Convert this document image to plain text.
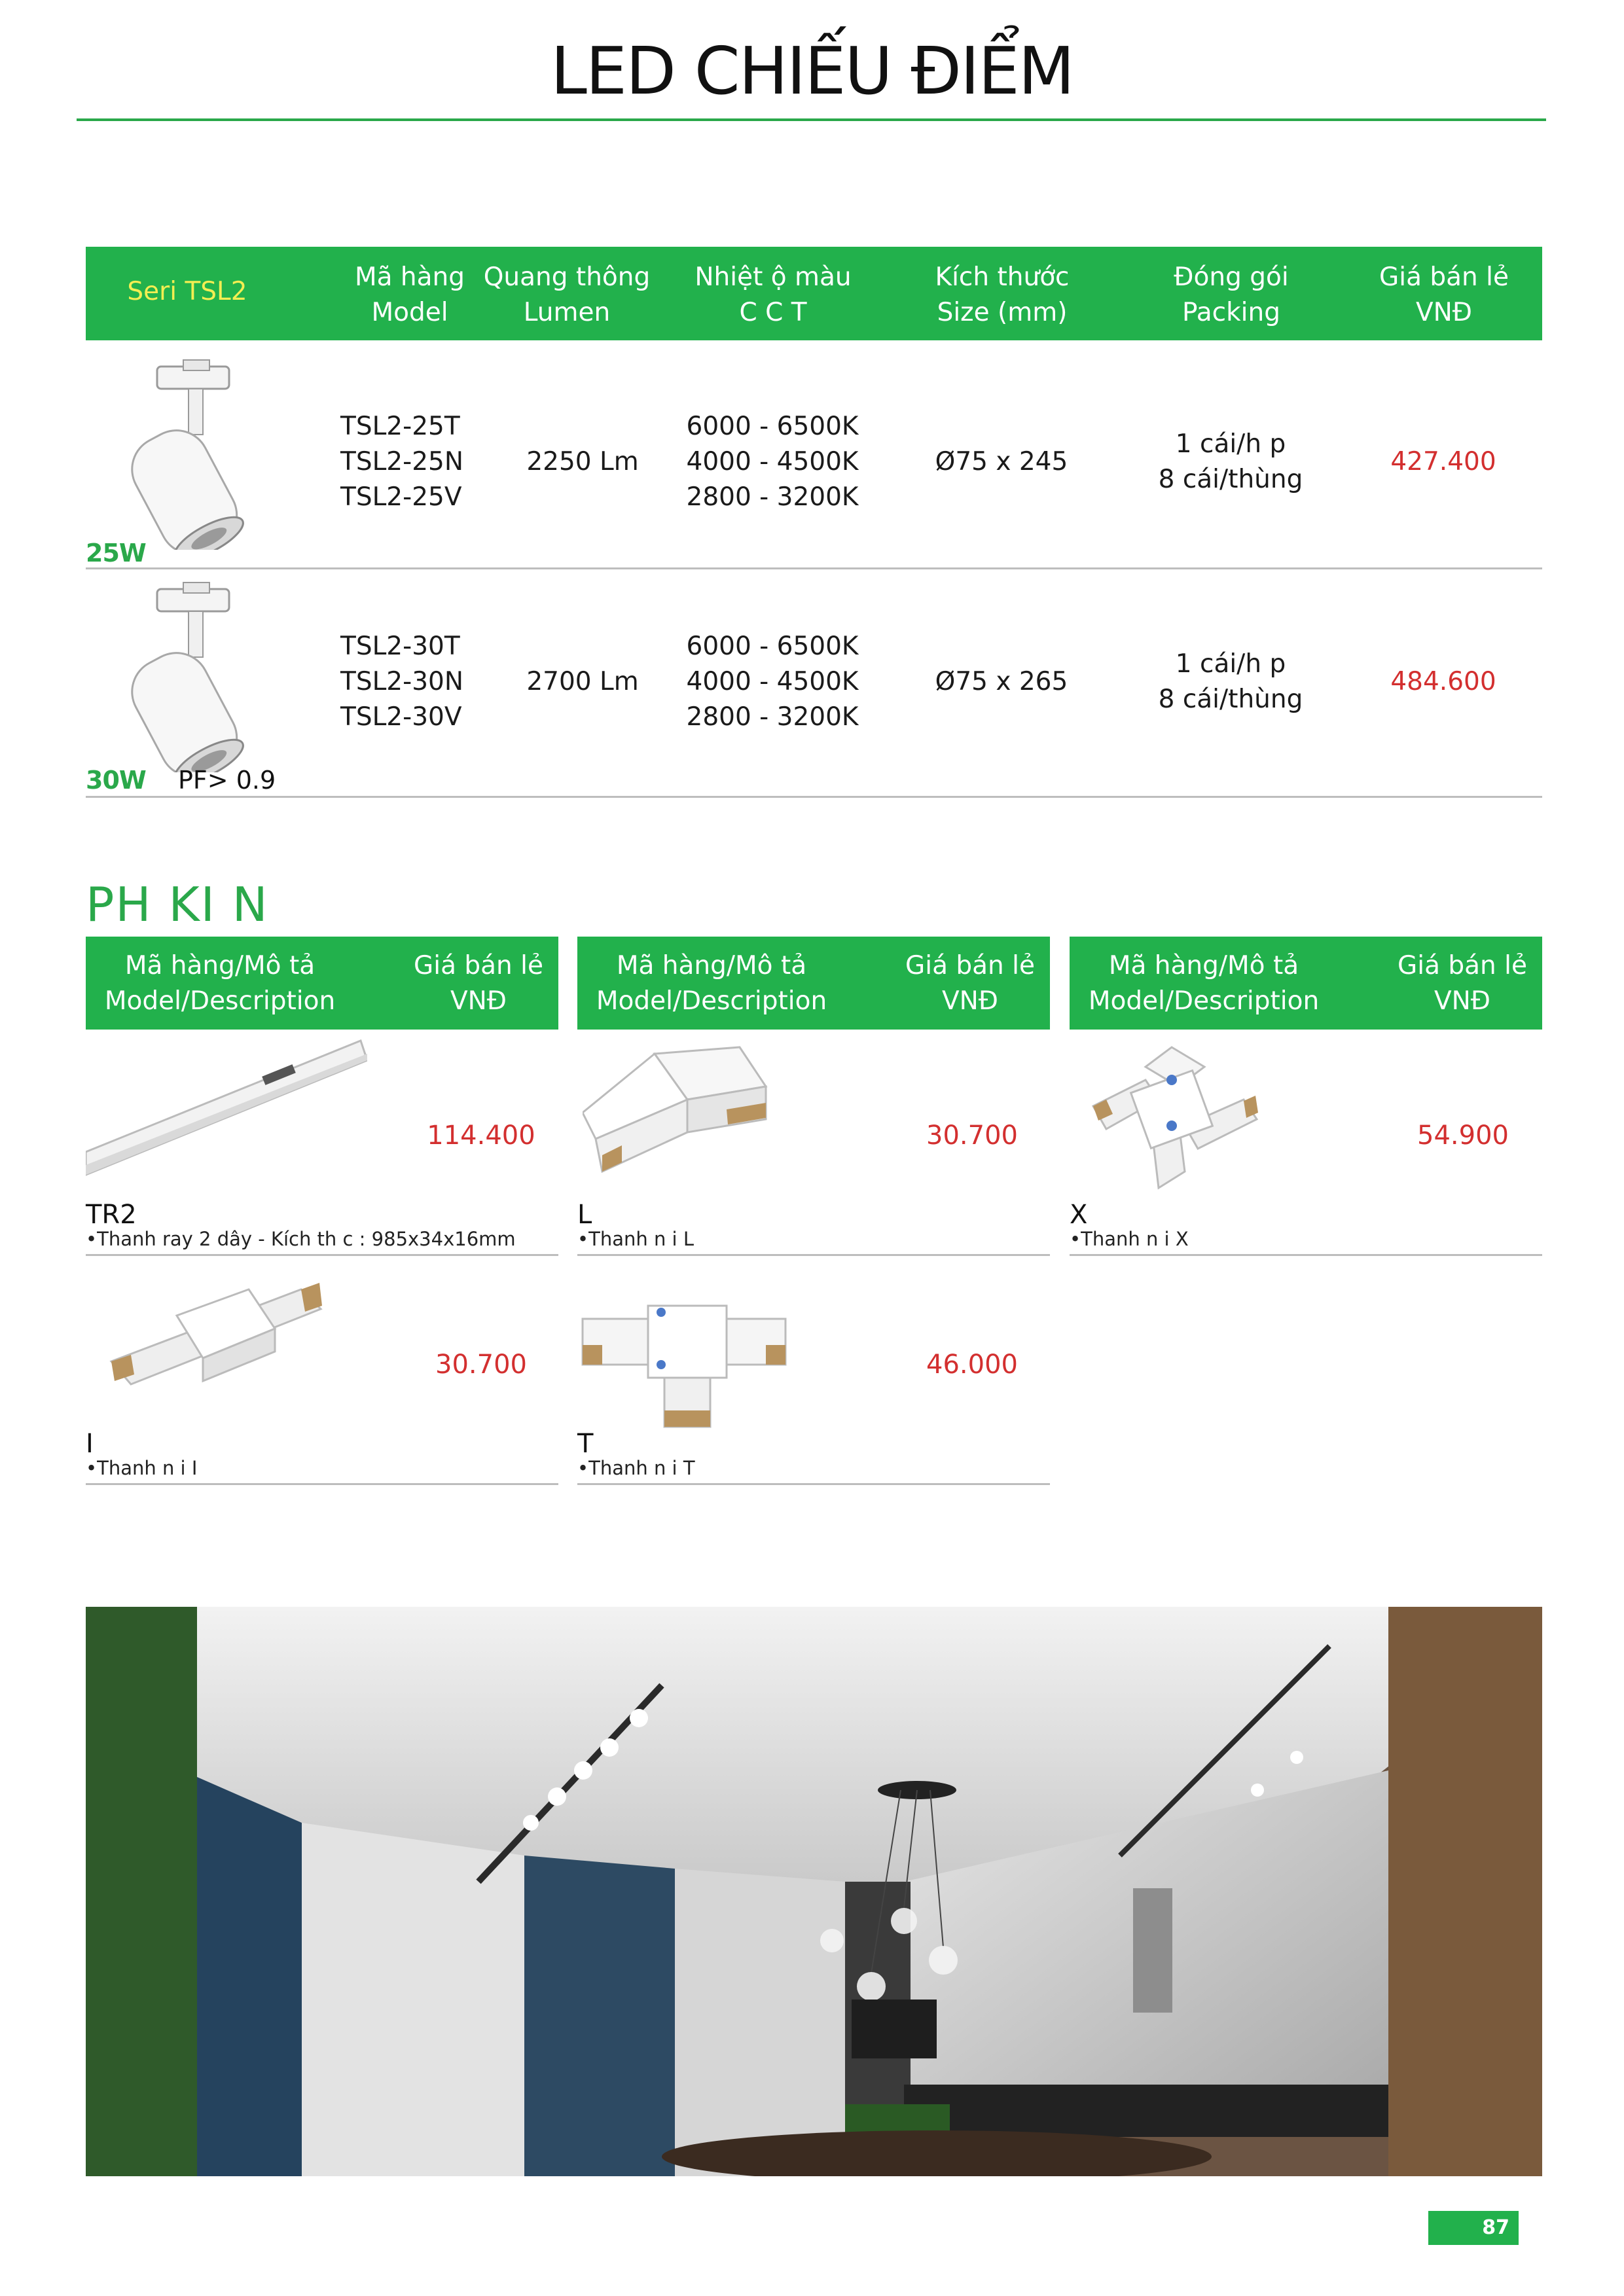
LED CHIẾU ĐIỂM
Seri TSL2	Mã hàng
Model
Quang thông
Lumen
Nhiệt ộ màu
C C T
Kích thước
Size (mm)
Đóng gói
Packing
Giá bán lẻ
VNĐ
25W
TSL2-25T
TSL2-25N
TSL2-25V
2250 Lm
6000 - 6500K
4000 - 4500K
2800 - 3200K
Ø75 x 245
1 cái/h p
8 cái/thùng
427.400
30W PF> 0.9
TSL2-30T
TSL2-30N
TSL2-30V
2700 Lm
6000 - 6500K
4000 - 4500K
2800 - 3200K
Ø75 x 265
1 cái/h p
8 cái/thùng
484.600
PH KI N
Mã hàng/Mô tả
Model/Description
Giá bán lẻ
VNĐ
Mã hàng/Mô tả
Model/Description
Giá bán lẻ
VNĐ
Mã hàng/Mô tả
Model/Description
Giá bán lẻ
VNĐ
114.400
TR2
•Thanh ray 2 dây - Kích th c : 985x34x16mm
30.700
L
•Thanh n i L
54.900
X
•Thanh n i X
30.700
I
•Thanh n i I
46.000
T
•Thanh n i T
87
